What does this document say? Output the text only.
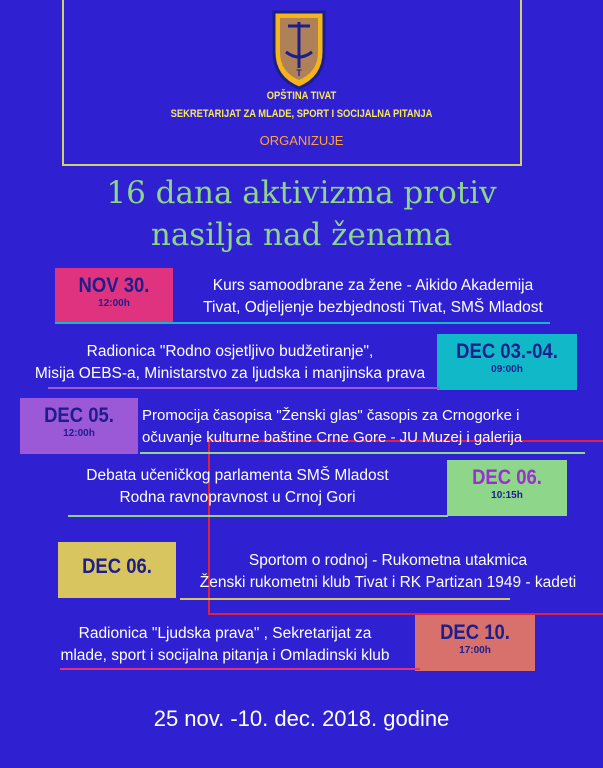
T
OPŠTINA TIVAT
SEKRETARIJAT ZA MLADE, SPORT I SOCIJALNA PITANJA
ORGANIZUJE
16 dana aktivizma protiv
nasilja nad ženama
NOV 30.
12:00h
Kurs samoodbrane za žene - Aikido Akademija
Tivat, Odjeljenje bezbjednosti Tivat, SMŠ Mladost
DEC 03.-04.
09:00h
Radionica "Rodno osjetljivo budžetiranje",
Misija OEBS-a, Ministarstvo za ljudska i manjinska prava
DEC 05.
12:00h
Promocija časopisa "Ženski glas" časopis za Crnogorke i
očuvanje kulturne baštine Crne Gore - JU Muzej i galerija
DEC 06.
10:15h
Debata učeničkog parlamenta SMŠ Mladost
Rodna ravnopravnost u Crnoj Gori
DEC 06.	Sportom o rodnoj - Rukometna utakmica
Ženski rukometni klub Tivat i RK Partizan 1949 - kadeti
DEC 10.
17:00h
Radionica "Ljudska prava" , Sekretarijat za
mlade, sport i socijalna pitanja i Omladinski klub
25 nov. -10. dec. 2018. godine
